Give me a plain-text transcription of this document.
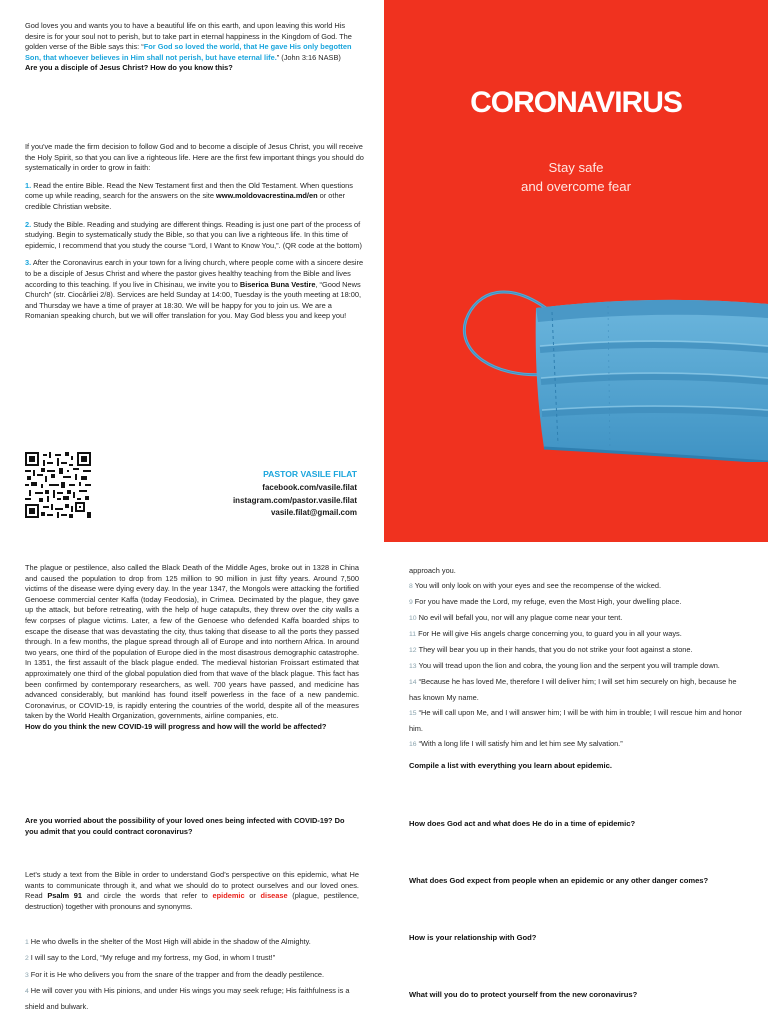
God loves you and wants you to have a beautiful life on this earth, and upon leaving this world His desire is for your soul not to perish, but to take part in eternal happiness in the Kingdom of God. The golden verse of the Bible says this: “For God so loved the world, that He gave His only begotten Son, that whoever believes in Him shall not perish, but have eternal life.” (John 3:16 NASB)

Are you a disciple of Jesus Christ? How do you know this?

If you've made the firm decision to follow God and to become a disciple of Jesus Christ, you will receive the Holy Spirit, so that you can live a righteous life. Here are the first few important things you should do systematically in order to grow in faith:

1. Read the entire Bible. Read the New Testament first and then the Old Testament. When questions come up while reading, search for the answers on the site www.moldovacrestina.md/en or other credible Christian website.

2. Study the Bible. Reading and studying are different things. Reading is just one part of the process of studying. Begin to systematically study the Bible, so that you can live a righteous life. In this time of epidemic, I recommend that you study the course “Lord, I Want to Know You,”. (QR code at the bottom)

3. After the Coronavirus earch in your town for a living church, where people come with a sincere desire to be a disciple of Jesus Christ and where the pastor gives healthy teaching from the Bible and lives according to this teaching. If you live in Chisinau, we invite you to Biserica Buna Vestire, “Good News Church” (str. Ciocârliei 2/8). Services are held Sunday at 14:00, Tuesday is the youth meeting at 18:00, and Thursday we have a time of prayer at 18:30. We will be happy for you to join us. We are a Romanian speaking church, but we will offer translation for you. May God bless you and keep you!

PASTOR VASILE FILAT
facebook.com/vasile.filat
instagram.com/pastor.vasile.filat
vasile.filat@gmail.com
CORONAVIRUS
Stay safe
and overcome fear

The plague or pestilence, also called the Black Death of the Middle Ages, broke out in 1328 in China and caused the population to drop from 125 million to 90 million in just fifty years. Around 7,500 victims of the disease were dying every day. In the year 1347, the Mongols were attacking the fortified Genoese commercial center Kaffa (today Feodosia), in Crimea. Decimated by the plague, they gave up the attack, but before retreating, with the help of huge catapults, they threw over the city walls a few corpses of plague victims. Later, a few of the Genoese who defended Kaffa boarded ships to escape the disease that was devastating the city, thus taking that disease to all the ports they passed through. In a few months, the plague spread through all of Europe and into northern Africa. In around two years, one third of the population of Europe died in the most disastrous demographic catastrophe. In 1351, the first assault of the black plague ended. The medieval historian Froissart estimated that approximately one third of the global population died from that wave of the black plague. This fact has been confirmed by contemporary researchers, as well. 700 years have passed, and medicine has advanced considerably, but mankind has found itself powerless in the face of a new pandemic. Coronavirus, or COVID-19, is rapidly entering the countries of the world, despite all of the measures taken by the World Health Organization, governments, airline companies, etc.

How do you think the new COVID-19 will progress and how will the world be affected?

Are you worried about the possibility of your loved ones being infected with COVID-19? Do you admit that you could contract coronavirus?

Let’s study a text from the Bible in order to understand God’s perspective on this epidemic, what He wants to communicate through it, and what we should do to protect ourselves and our loved ones. Read Psalm 91 and circle the words that refer to epidemic or disease (plague, pestilence, destruction) together with pronouns and synonyms.

1 He who dwells in the shelter of the Most High will abide in the shadow of the Almighty.

2 I will say to the Lord, “My refuge and my fortress, my God, in whom I trust!”

3 For it is He who delivers you from the snare of the trapper and from the deadly pestilence.

4 He will cover you with His pinions, and under His wings you may seek refuge; His faithfulness is a shield and bulwark.

approach you.

8 You will only look on with your eyes and see the recompense of the wicked.

9 For you have made the Lord, my refuge, even the Most High, your dwelling place.

10 No evil will befall you, nor will any plague come near your tent.

11 For He will give His angels charge concerning you, to guard you in all your ways.

12 They will bear you up in their hands, that you do not strike your foot against a stone.

13 You will tread upon the lion and cobra, the young lion and the serpent you will trample down.

14 “Because he has loved Me, therefore I will deliver him; I will set him securely on high, because he has known My name.

15 “He will call upon Me, and I will answer him; I will be with him in trouble; I will rescue him and honor him.

16 “With a long life I will satisfy him and let him see My salvation.”

Compile a list with everything you learn about epidemic.

How does God act and what does He do in a time of epidemic?

What does God expect from people when an epidemic or any other danger comes?

How is your relationship with God?

What will you do to protect yourself from the new coronavirus?
